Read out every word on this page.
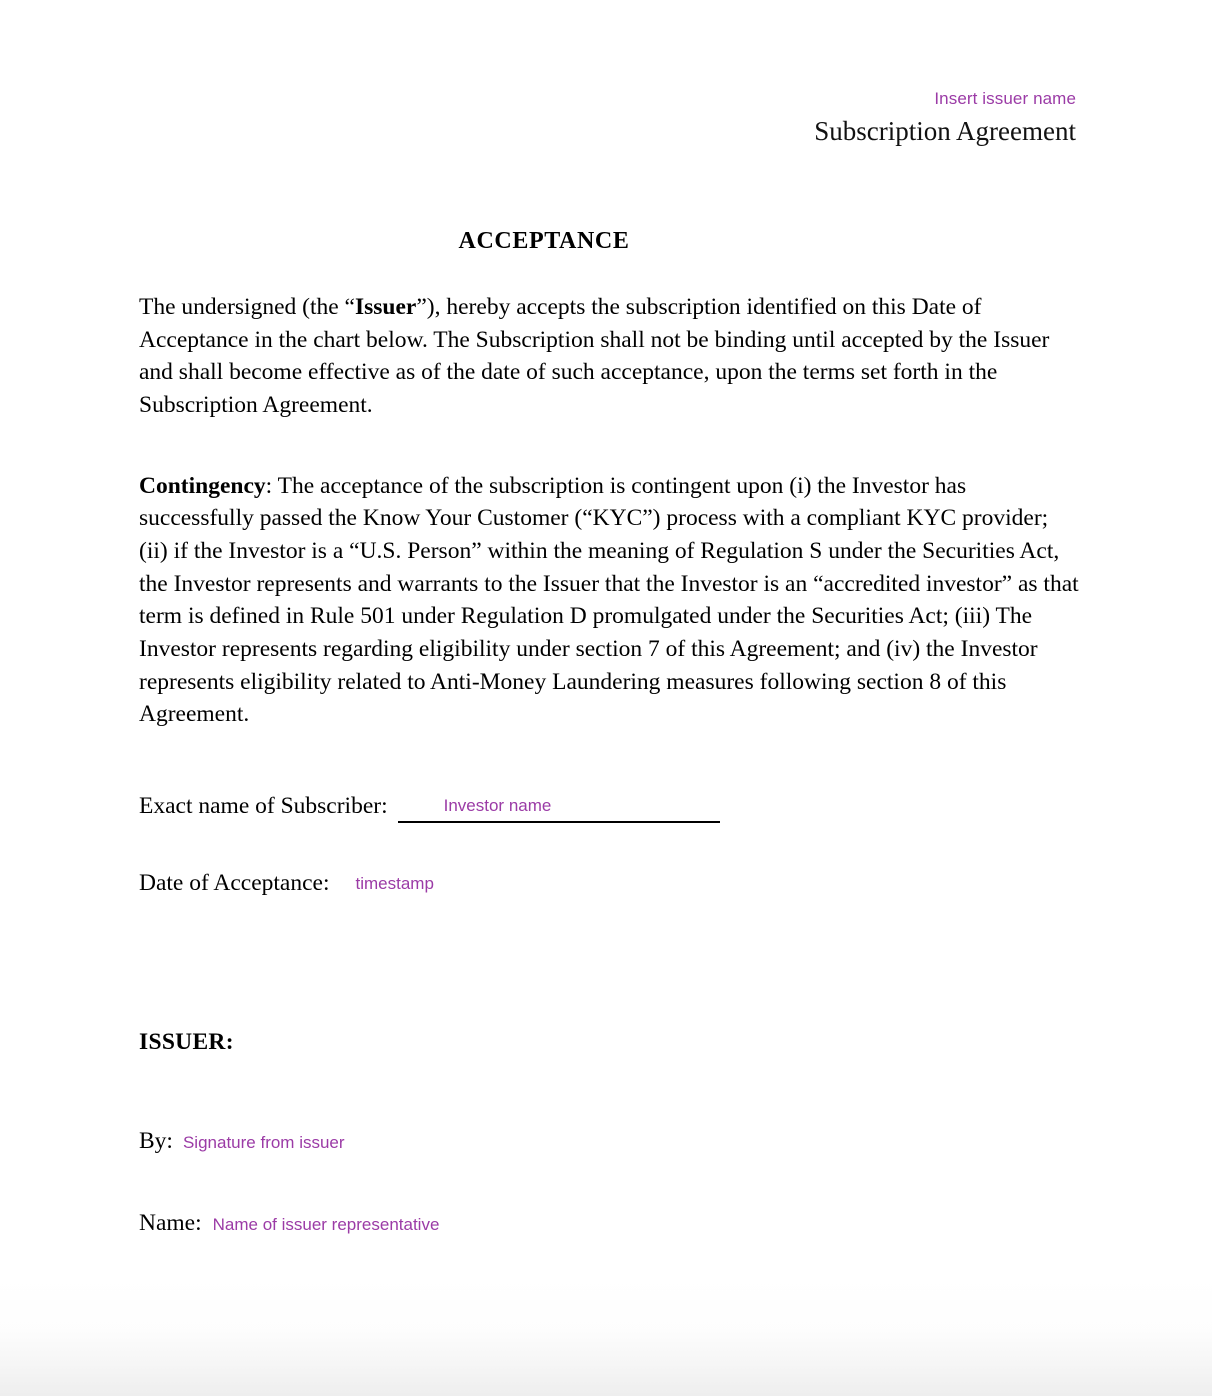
Insert issuer name
Subscription Agreement
ACCEPTANCE

The undersigned (the “Issuer”), hereby accepts the subscription identified on this Date of Acceptance in the chart below. The Subscription shall not be binding until accepted by the Issuer and shall become effective as of the date of such acceptance, upon the terms set forth in the Subscription Agreement.

Contingency: The acceptance of the subscription is contingent upon (i) the Investor has successfully passed the Know Your Customer (“KYC”) process with a compliant KYC provider; (ii) if the Investor is a “U.S. Person” within the meaning of Regulation S under the Securities Act, the Investor represents and warrants to the Issuer that the Investor is an “accredited investor” as that term is defined in Rule 501 under Regulation D promulgated under the Securities Act; (iii) The Investor represents regarding eligibility under section 7 of this Agreement; and (iv) the Investor represents eligibility related to Anti-Money Laundering measures following section 8 of this Agreement.

Exact name of Subscriber:	Investor name
Date of Acceptance: timestamp
ISSUER:
By: Signature from issuer
Name: Name of issuer representative
